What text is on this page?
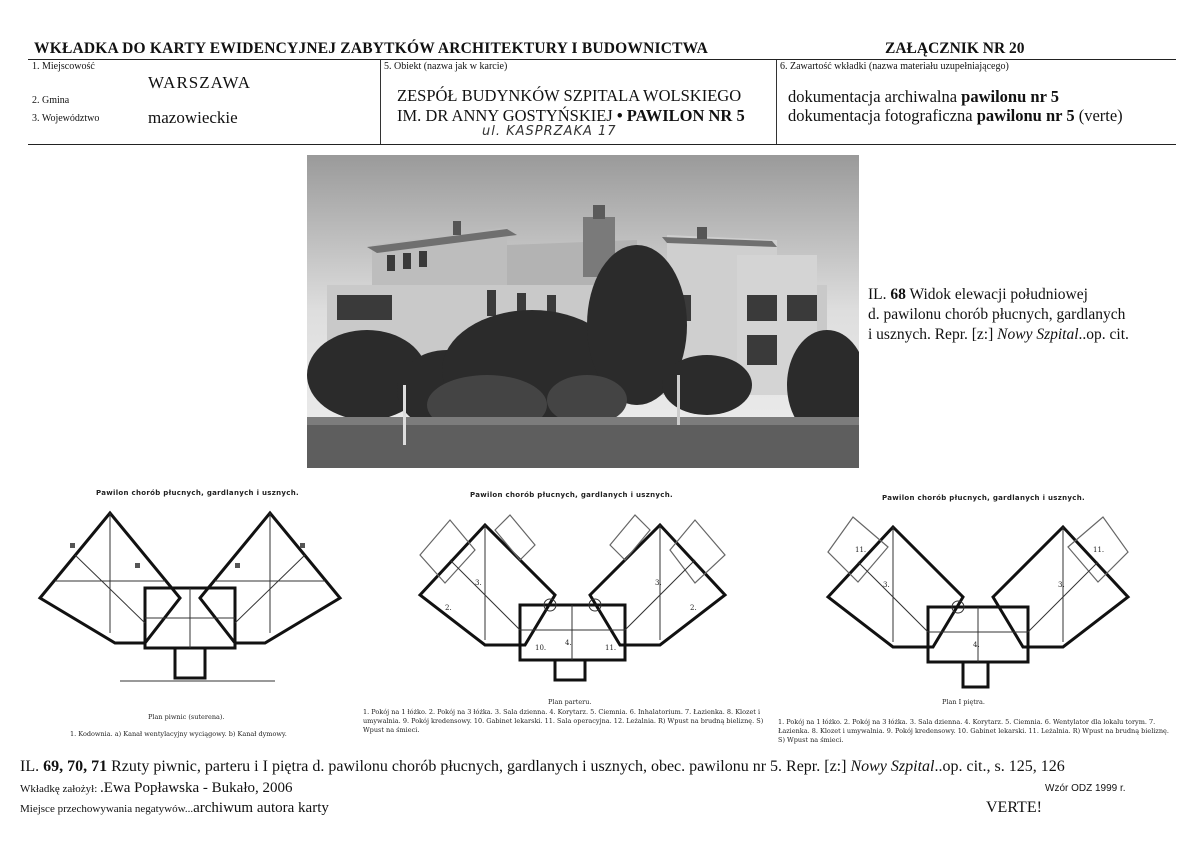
WKŁADKA DO KARTY EWIDENCYJNEJ ZABYTKÓW ARCHITEKTURY I BUDOWNICTWA	ZAŁĄCZNIK NR 20
1. Miejscowość
WARSZAWA
2. Gmina
3. Województwo	mazowieckie
5. Obiekt (nazwa jak w karcie)
ZESPÓŁ BUDYNKÓW SZPITALA WOLSKIEGO
IM. DR ANNY GOSTYŃSKIEJ • PAWILON NR 5
ul. KASPRZAKA 17
6. Zawartość wkładki (nazwa materiału uzupełniającego)
dokumentacja archiwalna pawilonu nr 5
dokumentacja fotograficzna pawilonu nr 5 (verte)
IL. 68 Widok elewacji południowej
d. pawilonu chorób płucnych, gardlanych
i usznych. Repr. [z:] Nowy Szpital..op. cit.
Pawilon chorób płucnych, gardlanych i usznych.
Plan piwnic (suterena).
1. Kodownia. a) Kanał wentylacyjny wyciągowy. b) Kanał dymowy.
Pawilon chorób płucnych, gardlanych i usznych.
3.	3.
2.	2.
4.
10.	11.
Plan parteru.
1. Pokój na 1 łóżko. 2. Pokój na 3 łóżka. 3. Sala dzienna. 4. Korytarz. 5. Ciemnia. 6. Inhalatorium. 7. Łazienka. 8. Klozet i umywalnia. 9. Pokój kredensowy. 10. Gabinet lekarski. 11. Sala operacyjna. 12. Leżalnia. R) Wpust na brudną bieliznę. S) Wpust na śmieci.
Pawilon chorób płucnych, gardlanych i usznych.
11.	11.
3.	3.
4.
Plan I piętra.
1. Pokój na 1 łóżko. 2. Pokój na 3 łóżka. 3. Sala dzienna. 4. Korytarz. 5. Ciemnia. 6. Wentylator dla lokalu torym. 7. Łazienka. 8. Klozet i umywalnia. 9. Pokój kredensowy. 10. Gabinet lekarski. 11. Leżalnia. R) Wpust na brudną bieliznę. S) Wpust na śmieci.
IL. 69, 70, 71 Rzuty piwnic, parteru i I piętra d. pawilonu chorób płucnych, gardlanych i usznych, obec. pawilonu nr 5. Repr. [z:] Nowy Szpital..op. cit., s. 125, 126
Wkładkę założył: .Ewa Popławska - Bukało, 2006
Miejsce przechowywania negatywów...archiwum autora karty
Wzór ODZ 1999 r.
VERTE!
